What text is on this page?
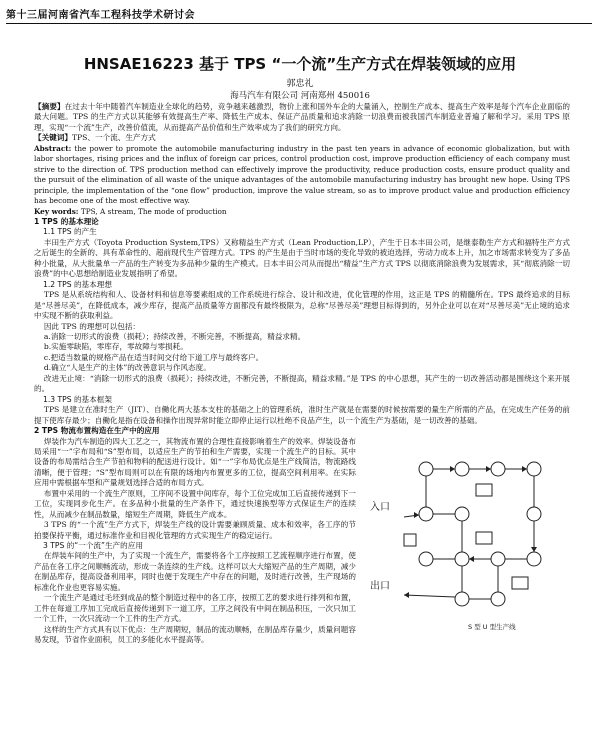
第十三届河南省汽车工程科技学术研讨会
HNSAE16223 基于 TPS “一个流”生产方式在焊装领域的应用
郭忠礼
海马汽车有限公司 河南郑州 450016

【摘要】在过去十年中随着汽车制造业全球化的趋势，竞争越来越激烈，物价上涨和国外车企的大量涌入，控制生产成本、提高生产效率是每个汽车企业面临的最大问题。TPS 的生产方式以其能够有效提高生产率、降低生产成本、保证产品质量和追求消除一切浪费而被我国汽车制造业普遍了解和学习。采用 TPS 原理，实现“一个流”生产，改善价值流，从而提高产品价值和生产效率成为了我们的研究方向。

【关键词】TPS、一个流、生产方式

Abstract: the power to promote the automobile manufacturing industry in the past ten years in advance of economic globalization, but with labor shortages, rising prices and the influx of foreign car prices, control production cost, improve production efficiency of each company must strive to the direction of. TPS production method can effectively improve the productivity, reduce production costs, ensure product quality and the pursuit of the elimination of all waste of the unique advantages of the automobile manufacturing industry has brought new hope. Using TPS principle, the implementation of the “one flow” production, improve the value stream, so as to improve product value and production efficiency has become one of the most effective way.

Key words: TPS, A stream, The mode of production

1 TPS 的基本理论

1.1 TPS 的产生

丰田生产方式（Toyota Production System,TPS）又称精益生产方式（Lean Production,LP），产生于日本丰田公司，是继泰勒生产方式和福特生产方式之后诞生的全新的、具有革命性的、超前现代生产管理方式。TPS 的产生是由于当时市场的变化导致的被迫选择，劳动力成本上升，加之市场需求转变为了多品种小批量，从大批量单一产品的生产转变为多品种少量的生产模式。日本丰田公司从而提出“精益”生产方式 TPS 以彻底消除浪费为发展需求，其“彻底消除一切浪费”的中心思想给制造业发展指明了希望。

1.2 TPS 的基本理想

TPS 是从系统结构和人、设备材料和信息等要素组成的工作系统进行综合、设计和改进，优化管理的作用，这正是 TPS 的精髓所在。TPS 最终追求的目标是“尽善尽美”，在降低成本，减少库存，提高产品质量等方面都没有最终极限为，总称“尽善尽美”理想目标得到的，另外企业可以在对“尽善尽美”无止境的追求中实现不断的获取利益。

因此 TPS 的理想可以包括：

a.消除一切形式的浪费（损耗）；持续改善，不断完善，不断提高，精益求精。

b.实施零缺陷，零库存，零故障与零损耗。

c.把适当数量的规格产品在适当时间交付给下道工序与最终客户。

d.确立“人是生产的主体”的改善意识与作风态度。

改进无止境：“消除一切形式的浪费（损耗）；持续改进，不断完善，不断提高，精益求精。”是 TPS 的中心思想，其产生的一切改善活动都是围绕这个来开展的。

1.3 TPS 的基本框架

TPS 是建立在准时生产（JIT）、自働化两大基本支柱的基础之上的管理系统，准时生产就是在需要的时候按需要的量生产所需的产品，在完成生产任务的前提下使库存最少；自働化是指在设备和操作出现异常时能立即停止运行以杜绝不良品产生，以一个流生产为基础，是一切改善的基础。

2 TPS 物流布置构造在生产中的应用

入口
出口
S 型 U 型生产线

焊装作为汽车制造的四大工艺之一，其物流布置的合理性直接影响着生产的效率。焊装设备布局采用“一”字布局和“S”型布局，以适应生产的节拍和生产需要，实现一个流生产的目标。其中设备的布局需结合生产节拍和物料的配送进行设计。如“一”字布局优点是生产线简洁，物流路线清晰，便于管理；“S”型布局则可以在有限的场地内布置更多的工位，提高空间利用率。在实际应用中需根据车型和产量规划选择合适的布局方式。

布置中采用的一个流生产原则，工序间不设置中间库存，每个工位完成加工后直接传递到下一工位，实现同步化生产。在多品种小批量的生产条件下，通过快速换型等方式保证生产的连续性，从而减少在制品数量，缩短生产周期，降低生产成本。

3 TPS 的“一个流”生产方式下，焊装生产线的设计需要兼顾质量、成本和效率，各工序的节拍要保持平衡，通过标准作业和目视化管理的方式实现生产的稳定运行。

3 TPS 的“一个流”生产的应用

在焊装车间的生产中，为了实现一个流生产，需要将各个工序按照工艺流程顺序进行布置，使产品在各工序之间顺畅流动，形成一条连续的生产线。这样可以大大缩短产品的生产周期，减少在制品库存，提高设备利用率，同时也便于发现生产中存在的问题，及时进行改善，生产现场的标准化作业也更容易实施。

一个流生产是通过毛坯到成品的整个制造过程中的各工序，按照工艺的要求进行排列和布置，工件在每道工序加工完成后直接传递到下一道工序，工序之间没有中间在制品积压，一次只加工一个工件，一次只流动一个工件的生产方式。

这样的生产方式具有以下优点：生产周期短，制品的流动顺畅，在制品库存量少，质量问题容易发现，节省作业面积，员工的多能化水平提高等。
